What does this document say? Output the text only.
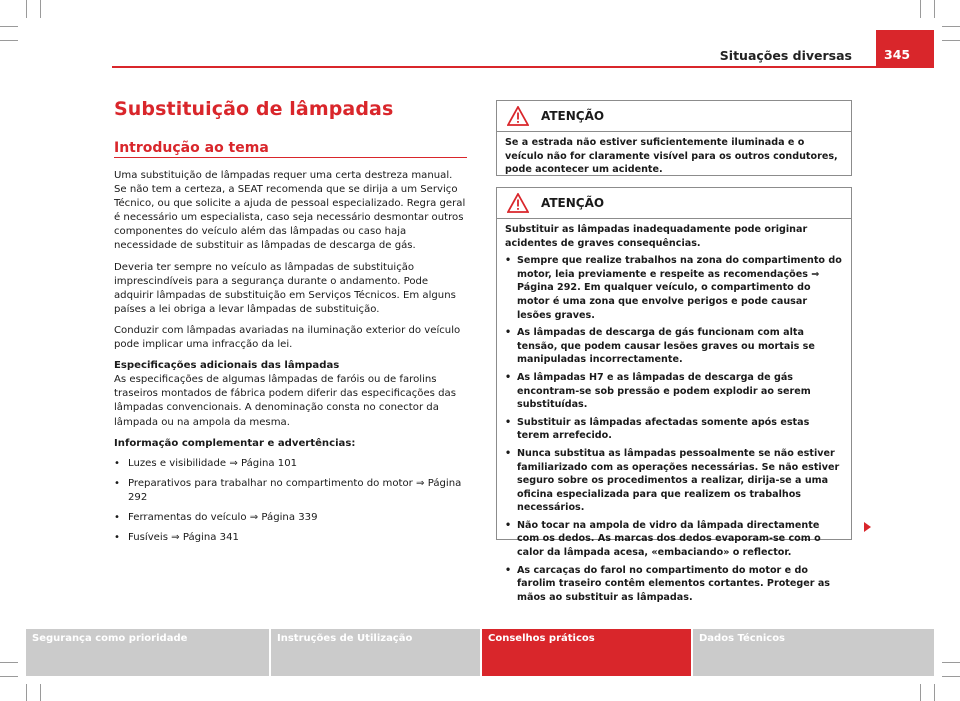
Situações diversas	345
Substituição de lâmpadas
Introdução ao tema

Uma substituição de lâmpadas requer uma certa destreza manual. Se não tem a certeza, a SEAT recomenda que se dirija a um Serviço Técnico, ou que solicite a ajuda de pessoal especializado. Regra geral é necessário um especialista, caso seja necessário desmontar outros componentes do veículo além das lâmpadas ou caso haja necessidade de substituir as lâmpadas de descarga de gás.

Deveria ter sempre no veículo as lâmpadas de substituição imprescindíveis para a segurança durante o andamento. Pode adquirir lâmpadas de substituição em Serviços Técnicos. Em alguns países a lei obriga a levar lâmpadas de substituição.

Conduzir com lâmpadas avariadas na iluminação exterior do veículo pode implicar uma infracção da lei.

Especificações adicionais das lâmpadas

As especificações de algumas lâmpadas de faróis ou de farolins traseiros montados de fábrica podem diferir das especificações das lâmpadas convencionais. A denominação consta no conector da lâmpada ou na ampola da mesma.

Informação complementar e advertências:

• Luzes e visibilidade ⇒ Página 101
• Preparativos para trabalhar no compartimento do motor ⇒ Página 292
• Ferramentas do veículo ⇒ Página 339
• Fusíveis ⇒ Página 341
ATENÇÃO

Se a estrada não estiver suficientemente iluminada e o veículo não for claramente visível para os outros condutores, pode acontecer um acidente.

ATENÇÃO

Substituir as lâmpadas inadequadamente pode originar acidentes de graves consequências.

• Sempre que realize trabalhos na zona do compartimento do motor, leia previamente e respeite as recomendações ⇒ Página 292. Em qualquer veículo, o compartimento do motor é uma zona que envolve perigos e pode causar lesões graves.
• As lâmpadas de descarga de gás funcionam com alta tensão, que podem causar lesões graves ou mortais se manipuladas incorrectamente.
• As lâmpadas H7 e as lâmpadas de descarga de gás encontram-se sob pressão e podem explodir ao serem substituídas.
• Substituir as lâmpadas afectadas somente após estas terem arrefecido.
• Nunca substitua as lâmpadas pessoalmente se não estiver familiarizado com as operações necessárias. Se não estiver seguro sobre os procedimentos a realizar, dirija-se a uma oficina especializada para que realizem os trabalhos necessários.
• Não tocar na ampola de vidro da lâmpada directamente com os dedos. As marcas dos dedos evaporam-se com o calor da lâmpada acesa, «embaciando» o reflector.
• As carcaças do farol no compartimento do motor e do farolim traseiro contêm elementos cortantes. Proteger as mãos ao substituir as lâmpadas.
Segurança como prioridade	Instruções de Utilização	Conselhos práticos	Dados Técnicos
